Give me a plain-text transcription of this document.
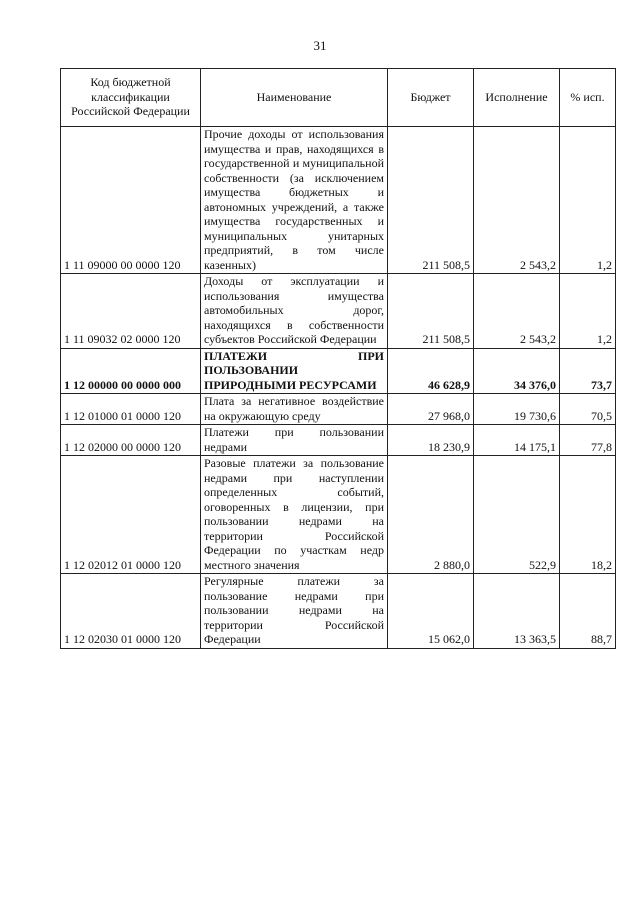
31
Код бюджетной классификации Российской Федерации	Наименование	Бюджет	Исполнение	% исп.
1 11 09000 00 0000 120	Прочие доходы от использования имущества и прав, находящихся в государственной и муниципальной собственности (за исключением имущества бюджетных и автономных учреждений, а также имущества государственных и муниципальных унитарных предприятий, в том числе казенных)	211 508,5	2 543,2	1,2
1 11 09032 02 0000 120	Доходы от эксплуатации и использования имущества автомобильных дорог, находящихся в собственности субъектов Российской Федерации	211 508,5	2 543,2	1,2
1 12 00000 00 0000 000	ПЛАТЕЖИ ПРИ ПОЛЬЗОВАНИИ ПРИРОДНЫМИ РЕСУРСАМИ	46 628,9	34 376,0	73,7
1 12 01000 01 0000 120	Плата за негативное воздействие на окружающую среду	27 968,0	19 730,6	70,5
1 12 02000 00 0000 120	Платежи при пользовании недрами	18 230,9	14 175,1	77,8
1 12 02012 01 0000 120	Разовые платежи за пользование недрами при наступлении определенных событий, оговоренных в лицензии, при пользовании недрами на территории Российской Федерации по участкам недр местного значения	2 880,0	522,9	18,2
1 12 02030 01 0000 120	Регулярные платежи за пользование недрами при пользовании недрами на территории Российской Федерации	15 062,0	13 363,5	88,7
